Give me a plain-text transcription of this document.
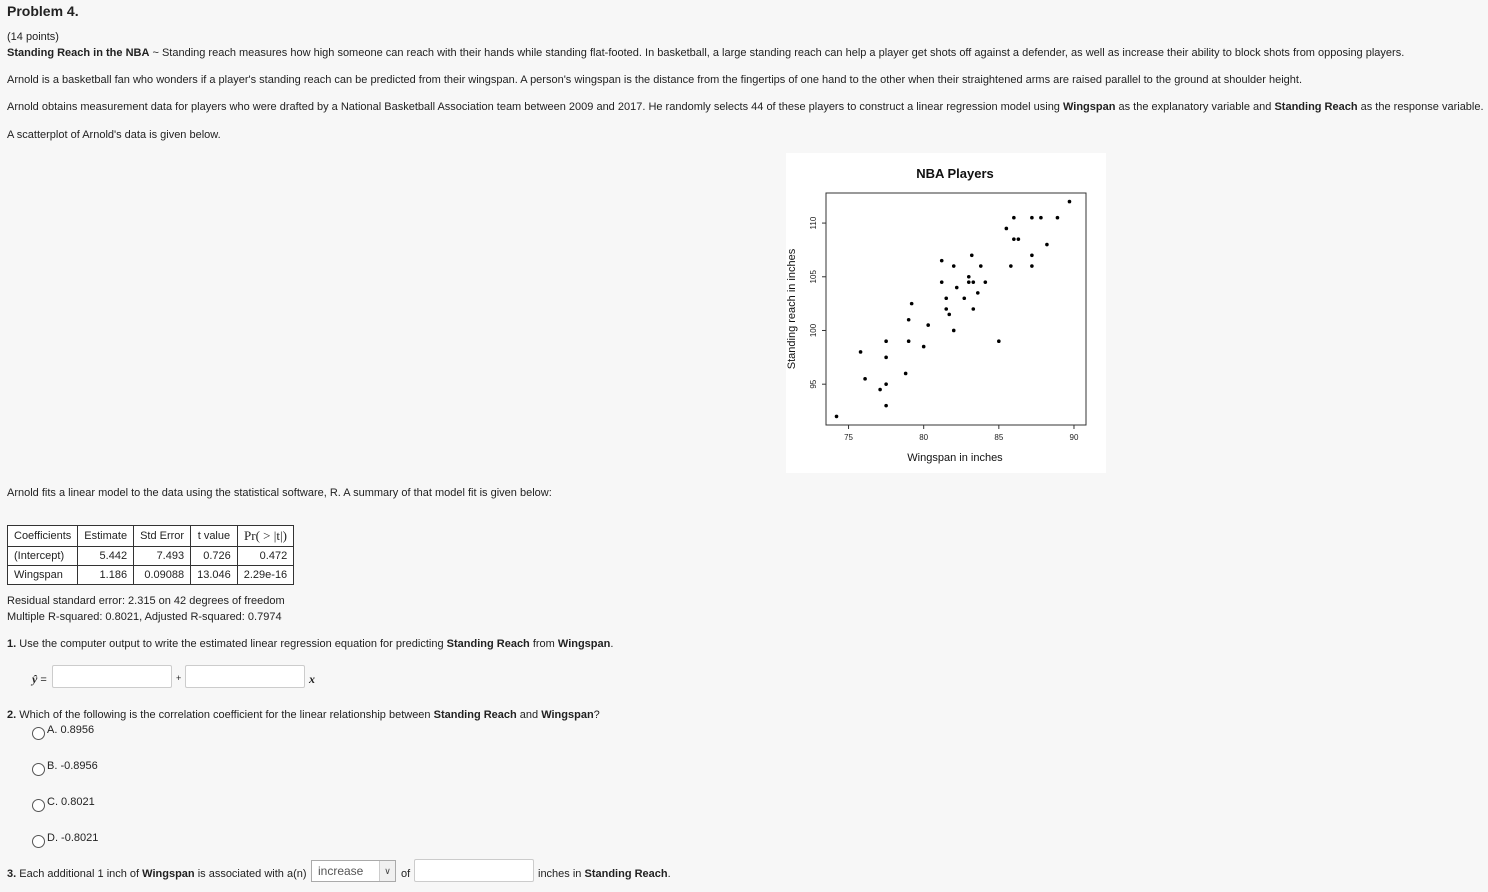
Problem 4.
(14 points)
Standing Reach in the NBA ~ Standing reach measures how high someone can reach with their hands while standing flat-footed. In basketball, a large standing reach can help a player get shots off against a defender, as well as increase their ability to block shots from opposing players.
Arnold is a basketball fan who wonders if a player's standing reach can be predicted from their wingspan. A person's wingspan is the distance from the fingertips of one hand to the other when their straightened arms are raised parallel to the ground at shoulder height.
Arnold obtains measurement data for players who were drafted by a National Basketball Association team between 2009 and 2017. He randomly selects 44 of these players to construct a linear regression model using Wingspan as the explanatory variable and Standing Reach as the response variable.
A scatterplot of Arnold's data is given below.
NBA Players
75	80	85	90
95
100
105
110
Wingspan in inches
Standing reach in inches
Arnold fits a linear model to the data using the statistical software, R. A summary of that model fit is given below:
Coefficients	Estimate	Std Error	t value	Pr( > |t|)
(Intercept)	5.442	7.493	0.726	0.472
Wingspan	1.186	0.09088	13.046	2.29e-16
Residual standard error: 2.315 on 42 degrees of freedom
Multiple R-squared: 0.8021, Adjusted R-squared: 0.7974
1. Use the computer output to write the estimated linear regression equation for predicting Standing Reach from Wingspan.
ŷ =	+	x
2. Which of the following is the correlation coefficient for the linear relationship between Standing Reach and Wingspan?
A. 0.8956
B. -0.8956
C. 0.8021
D. -0.8021
3. Each additional 1 inch of Wingspan is associated with a(n) increase	∨ of	inches in Standing Reach.
